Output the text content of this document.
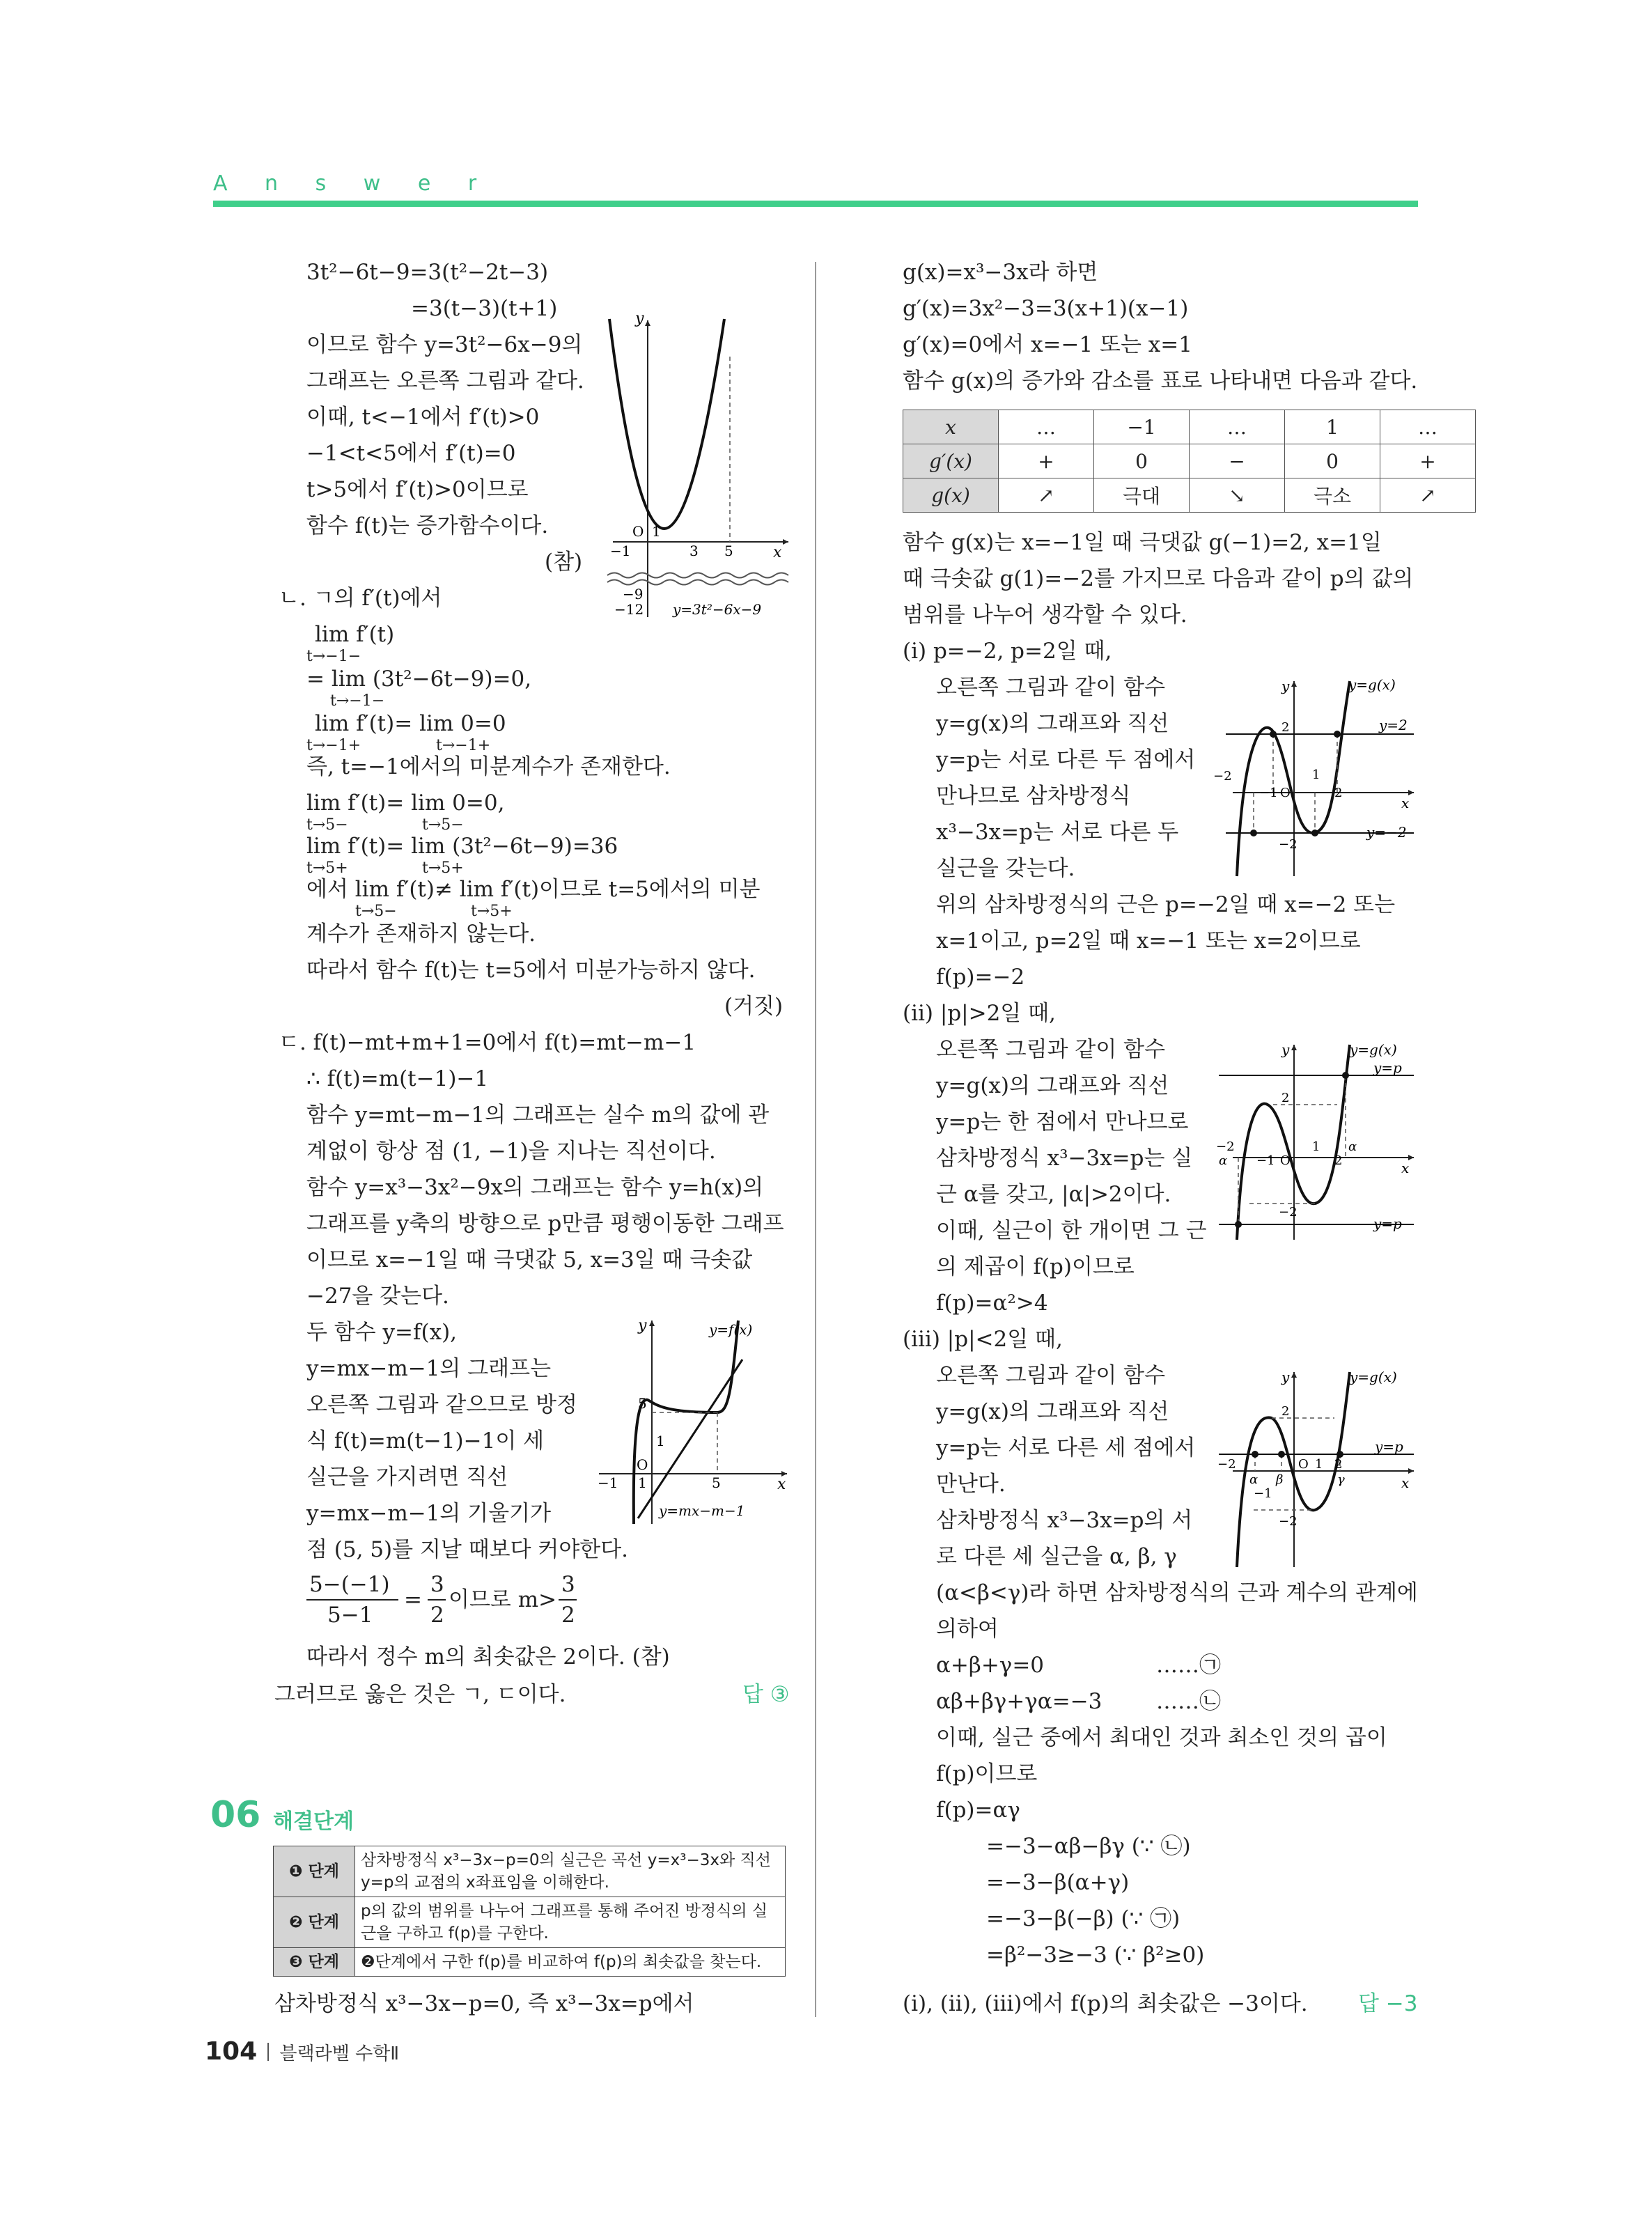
A n s w e r
3t²−6t−9=3(t²−2t−3)
=3(t−3)(t+1)
이므로 함수 y=3t²−6x−9의
그래프는 오른쪽 그림과 같다.
이때, t<−1에서 f′(t)>0
−1<t<5에서 f′(t)=0
t>5에서 f′(t)>0이므로
함수 f(t)는 증가함수이다.
(참)
ㄴ. ㄱ의 f′(t)에서
lim f′(t)
t→−1−
= lim (3t²−6t−9)=0,
t→−1−
lim f′(t)= lim 0=0
t→−1+	t→−1+
즉, t=−1에서의 미분계수가 존재한다.
lim f′(t)= lim 0=0,
t→5−	t→5−
lim f′(t)= lim (3t²−6t−9)=36
t→5+	t→5+
에서 lim f′(t)≠ lim f′(t)이므로 t=5에서의 미분
t→5−	t→5+
계수가 존재하지 않는다.
따라서 함수 f(t)는 t=5에서 미분가능하지 않다.
(거짓)
ㄷ. f(t)−mt+m+1=0에서 f(t)=mt−m−1
∴ f(t)=m(t−1)−1
함수 y=mt−m−1의 그래프는 실수 m의 값에 관
계없이 항상 점 (1, −1)을 지나는 직선이다.
함수 y=x³−3x²−9x의 그래프는 함수 y=h(x)의
그래프를 y축의 방향으로 p만큼 평행이동한 그래프
이므로 x=−1일 때 극댓값 5, x=3일 때 극솟값
−27을 갖는다.
두 함수 y=f(x),
y=mx−m−1의 그래프는
오른쪽 그림과 같으므로 방정
식 f(t)=m(t−1)−1이 세
실근을 가지려면 직선
y=mx−m−1의 기울기가
점 (5, 5)를 지날 때보다 커야한다.
5−(−1)
5−1
=
3
2
이므로 m>
3
2
따라서 정수 m의 최솟값은 2이다. (참)
그러므로 옳은 것은 ㄱ, ㄷ이다.	답 ③
y
x
−1
O 1
3 5
−9
−12 y=3t²−6x−9
y
x
y=f(x)
y=mx−m−1
5
1
O
−1 1	5
06 해결단계
❶ 단계	삼차방정식 x³−3x−p=0의 실근은 곡선 y=x³−3x와 직선 y=p의 교점의 x좌표임을 이해한다.
❷ 단계	p의 값의 범위를 나누어 그래프를 통해 주어진 방정식의 실근을 구하고 f(p)를 구한다.
❸ 단계	❷단계에서 구한 f(p)를 비교하여 f(p)의 최솟값을 찾는다.
삼차방정식 x³−3x−p=0, 즉 x³−3x=p에서
g(x)=x³−3x라 하면
g′(x)=3x²−3=3(x+1)(x−1)
g′(x)=0에서 x=−1 또는 x=1
함수 g(x)의 증가와 감소를 표로 나타내면 다음과 같다.
x	…	−1	…	1	…
g′(x)	+	0	−	0	+
g(x)	↗	극대	↘	극소	↗
함수 g(x)는 x=−1일 때 극댓값 g(−1)=2, x=1일
때 극솟값 g(1)=−2를 가지므로 다음과 같이 p의 값의
범위를 나누어 생각할 수 있다.
(ⅰ) p=−2, p=2일 때,
오른쪽 그림과 같이 함수
y=g(x)의 그래프와 직선
y=p는 서로 다른 두 점에서
만나므로 삼차방정식
x³−3x=p는 서로 다른 두
실근을 갖는다.
위의 삼차방정식의 근은 p=−2일 때 x=−2 또는
x=1이고, p=2일 때 x=−1 또는 x=2이므로
f(p)=−2
(ⅱ) |p|>2일 때,
오른쪽 그림과 같이 함수
y=g(x)의 그래프와 직선
y=p는 한 점에서 만나므로
삼차방정식 x³−3x=p는 실
근 α를 갖고, |α|>2이다.
이때, 실근이 한 개이면 그 근
의 제곱이 f(p)이므로
f(p)=α²>4
(ⅲ) |p|<2일 때,
오른쪽 그림과 같이 함수
y=g(x)의 그래프와 직선
y=p는 서로 다른 세 점에서
만난다.
삼차방정식 x³−3x=p의 서
로 다른 세 실근을 α, β, γ
(α<β<γ)라 하면 삼차방정식의 근과 계수의 관계에
의하여
α+β+γ=0	……㉠
αβ+βγ+γα=−3	……㉡
이때, 실근 중에서 최대인 것과 최소인 것의 곱이
f(p)이므로
f(p)=αγ
=−3−αβ−βγ (∵ ㉡)
=−3−β(α+γ)
=−3−β(−β) (∵ ㉠)
=β²−3≥−3 (∵ β²≥0)
(ⅰ), (ⅱ), (ⅲ)에서 f(p)의 최솟값은 −3이다. 답 −3
y
x
y=g(x)
y=2
y=−2
2
−2	1
−1 O	2
−2
y
x
y=g(x)
y=p
y=p
2
−2	1 α
α −1 O	2
−2
y
x
y=g(x)
y=p
2
−2	O 1 2
α β	γ
−1
−2
104 블랙라벨 수학Ⅱ
